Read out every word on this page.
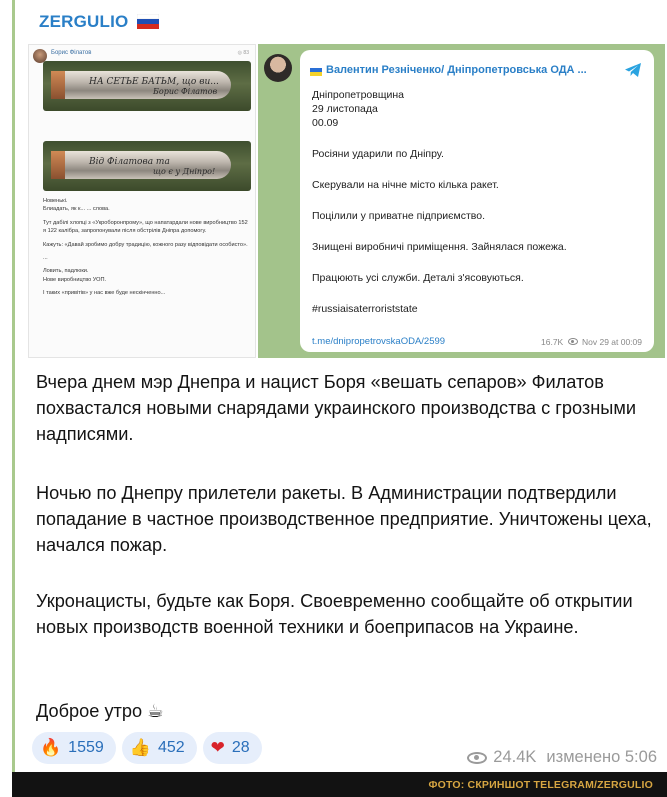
ZERGULIO
Борис Філатов	◎ 83
НА СЕТЬЕ БАТЬМ, що ви...
Борис Філатов
Від Філатова та
що є у Дніпро!

Новенькі.
Блиадать, як к... ... слова.

Тут дабілі хлопці з «Укроборонпрому», що напатардали нове виробництво 152 я 122 калібра, запропонували після обстрілів Дніпра допомогу.

Кажуть: «Давай зробимо добру традицію, кожного разу відповідати особисто».

...

Ловить, падлюки.
Нове виробництво УОП.

І таких «привітів» у нас вже буде нескінченно...

Валентин Резніченко/ Дніпропетровська ОДА ...
Дніпропетровщина
29 листопада
00.09
Росіяни ударили по Дніпру.
Скерували на нічне місто кілька ракет.
Поцілили у приватне підприємство.
Знищені виробничі приміщення. Зайнялася пожежа.
Працюють усі служби. Деталі з'ясовуються.
#russiaisaterroriststate
t.me/dnipropetrovskaODA/2599	16.7K Nov 29 at 00:09
Вчера днем мэр Днепра и нацист Боря «вешать сепаров» Филатов похвастался новыми снарядами украинского производства с грозными надписями.
Ночью по Днепру прилетели ракеты. В Администрации подтвердили попадание в частное производственное предприятие. Уничтожены цеха, начался пожар.
Укронацисты, будьте как Боря. Своевременно сообщайте об открытии новых производств военной техники и боеприпасов на Украине.
Доброе утро ☕
🔥 1559 👍 452 ❤ 28
24.4K изменено 5:06
ФОТО: СКРИНШОТ TELEGRAM/ZERGULIO
